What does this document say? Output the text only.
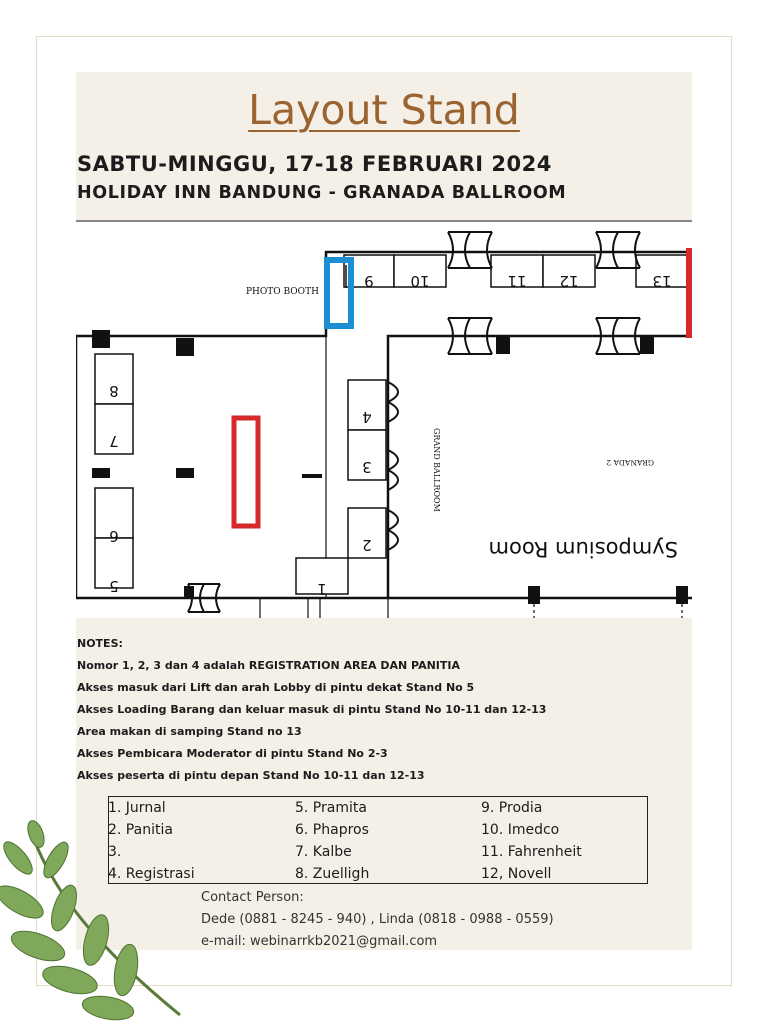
Layout Stand
SABTU-MINGGU, 17-18 FEBRUARI 2024
HOLIDAY INN BANDUNG - GRANADA BALLROOM
9 10	11 12	13
PHOTO BOOTH
8
7
6
5
4
3
2
1
GRAND BALLROOM	GRANADA 2
Symposium Room
NOTES:
Nomor 1, 2, 3 dan 4 adalah REGISTRATION AREA DAN PANITIA
Akses masuk dari Lift dan arah Lobby di pintu dekat Stand No 5
Akses Loading Barang dan keluar masuk di pintu Stand No 10-11 dan 12-13
Area makan di samping Stand no 13
Akses Pembicara Moderator di pintu Stand No 2-3
Akses peserta di pintu depan Stand No 10-11 dan 12-13
1. Jurnal
2. Panitia
3.
4. Registrasi
5. Pramita
6. Phapros
7. Kalbe
8. Zuelligh
9. Prodia
10. Imedco
11. Fahrenheit
12, Novell
Contact Person:
Dede (0881 - 8245 - 940) , Linda (0818 - 0988 - 0559)
e-mail: webinarrkb2021@gmail.com
